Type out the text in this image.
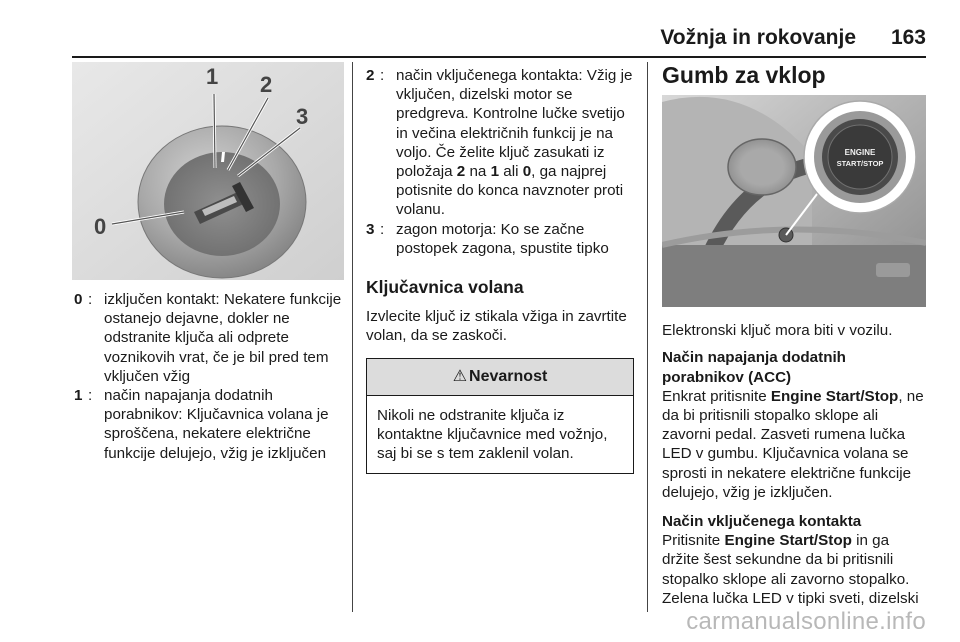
Vožnja in rokovanje 163
1 2
3
0

0 : izključen kontakt: Nekatere funkcije ostanejo dejavne, dokler ne odstranite ključa ali odprete voznikovih vrat, če je bil pred tem vključen vžig

1 : način napajanja dodatnih porabnikov: Ključavnica volana je sproščena, nekatere električne funkcije delujejo, vžig je izključen

2 : način vključenega kontakta: Vžig je vključen, dizelski motor se predgreva. Kontrolne lučke svetijo in večina električnih funkcij je na voljo. Če želite ključ zasukati iz položaja 2 na 1 ali 0, ga najprej potisnite do konca navznoter proti volanu.

3 : zagon motorja: Ko se začne postopek zagona, spustite tipko

Ključavnica volana

Izvlecite ključ iz stikala vžiga in zavrtite volan, da se zaskoči.

⚠ Nevarnost
Nikoli ne odstranite ključa iz kontaktne ključavnice med vožnjo, saj bi se s tem zaklenil volan.
Gumb za vklop
ENGINE
START/STOP

Elektronski ključ mora biti v vozilu.

Način napajanja dodatnih porabnikov (ACC)

Enkrat pritisnite Engine Start/Stop, ne da bi pritisnili stopalko sklope ali zavorni pedal. Zasveti rumena lučka LED v gumbu. Ključavnica volana se sprosti in nekatere električne funkcije delujejo, vžig je izključen.

Način vključenega kontakta

Pritisnite Engine Start/Stop in ga držite šest sekundne da bi pritisnili stopalko sklope ali zavorno stopalko. Zelena lučka LED v tipki sveti, dizelski

carmanualsonline.info
